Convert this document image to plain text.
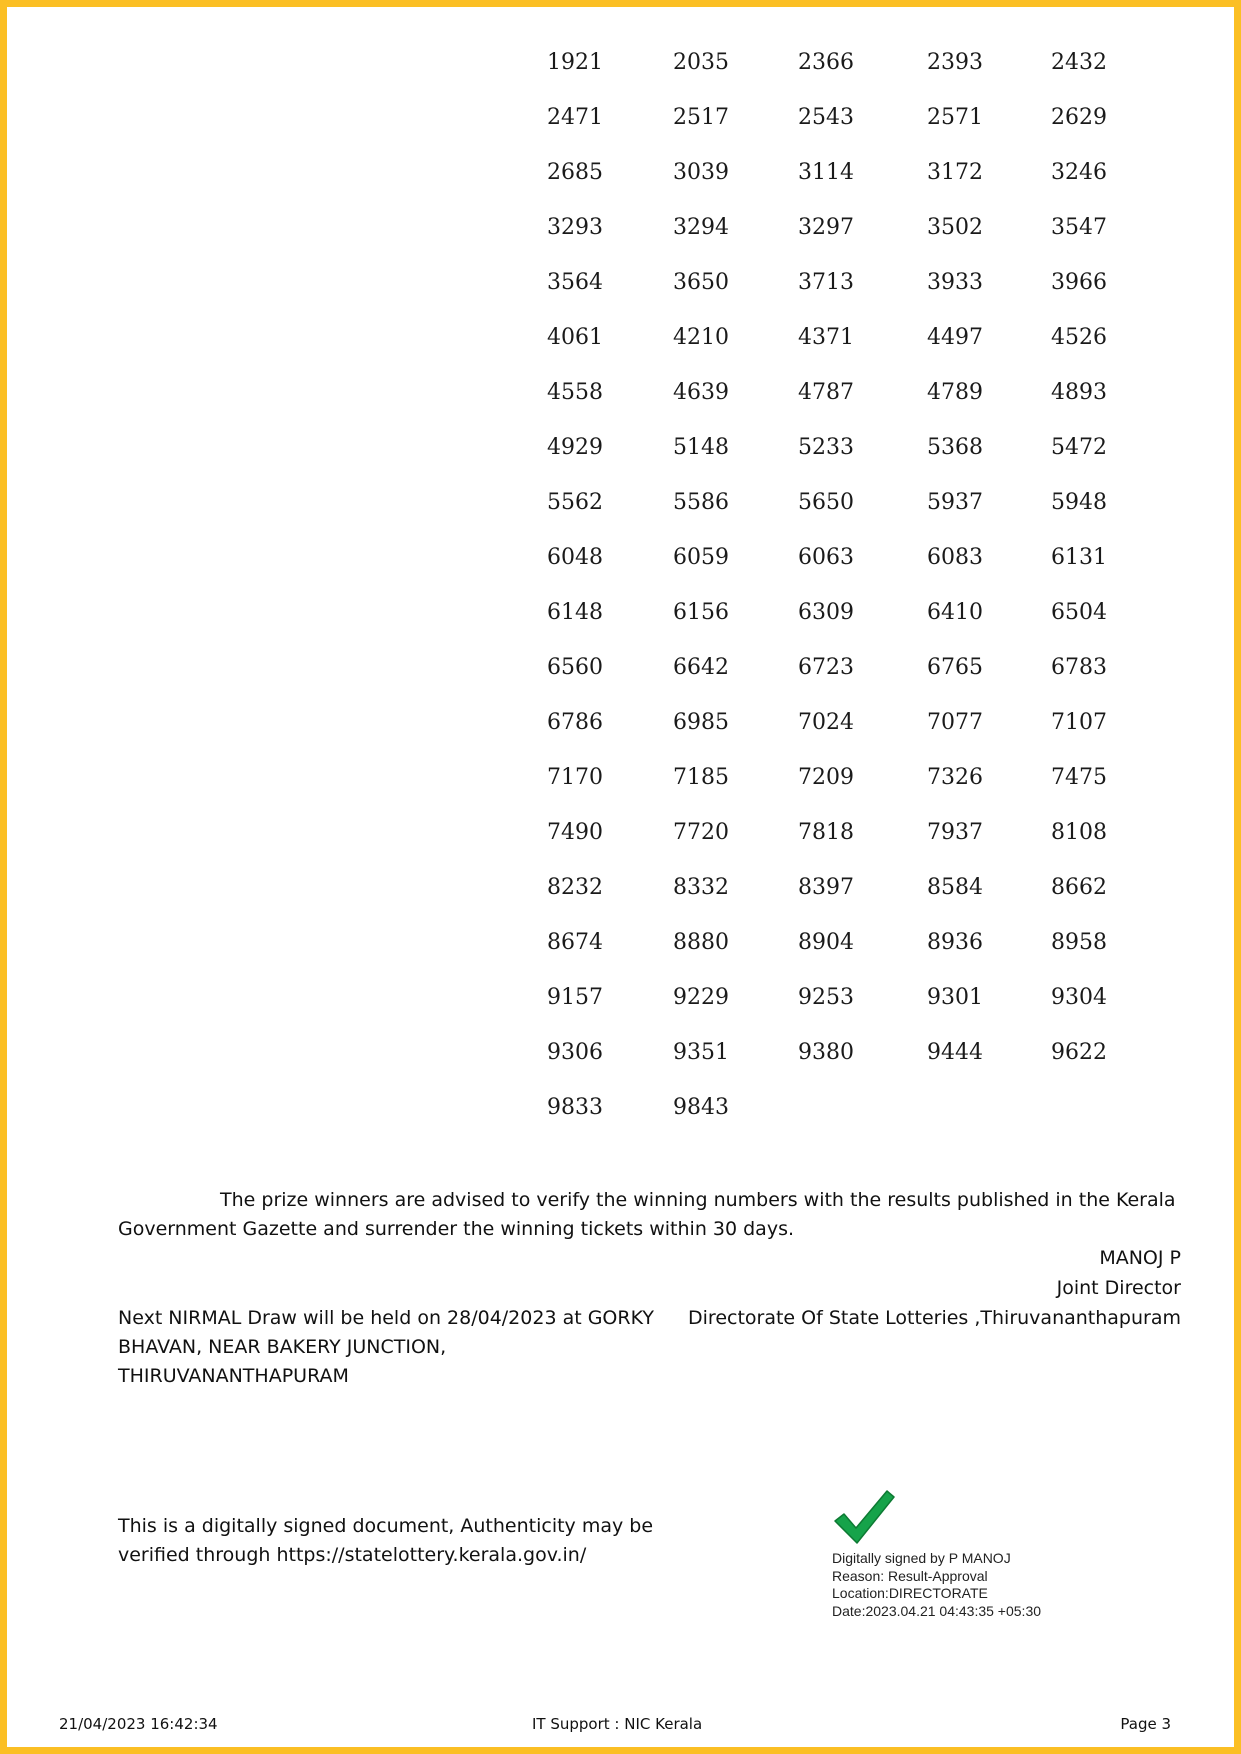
1921	2035	2366	2393	2432
2471	2517	2543	2571	2629
2685	3039	3114	3172	3246
3293	3294	3297	3502	3547
3564	3650	3713	3933	3966
4061	4210	4371	4497	4526
4558	4639	4787	4789	4893
4929	5148	5233	5368	5472
5562	5586	5650	5937	5948
6048	6059	6063	6083	6131
6148	6156	6309	6410	6504
6560	6642	6723	6765	6783
6786	6985	7024	7077	7107
7170	7185	7209	7326	7475
7490	7720	7818	7937	8108
8232	8332	8397	8584	8662
8674	8880	8904	8936	8958
9157	9229	9253	9301	9304
9306	9351	9380	9444	9622
9833	9843
The prize winners are advised to verify the winning numbers with the results published in the Kerala Government Gazette and surrender the winning tickets within 30 days.
MANOJ P
Joint Director
Directorate Of State Lotteries ,Thiruvananthapuram
Next NIRMAL Draw will be held on 28/04/2023 at GORKY BHAVAN, NEAR BAKERY JUNCTION, THIRUVANANTHAPURAM
This is a digitally signed document, Authenticity may be verified through https://statelottery.kerala.gov.in/	Digitally signed by P MANOJ
Reason: Result-Approval
Location:DIRECTORATE
Date:2023.04.21 04:43:35 +05:30
21/04/2023 16:42:34	IT Support : NIC Kerala	Page 3
